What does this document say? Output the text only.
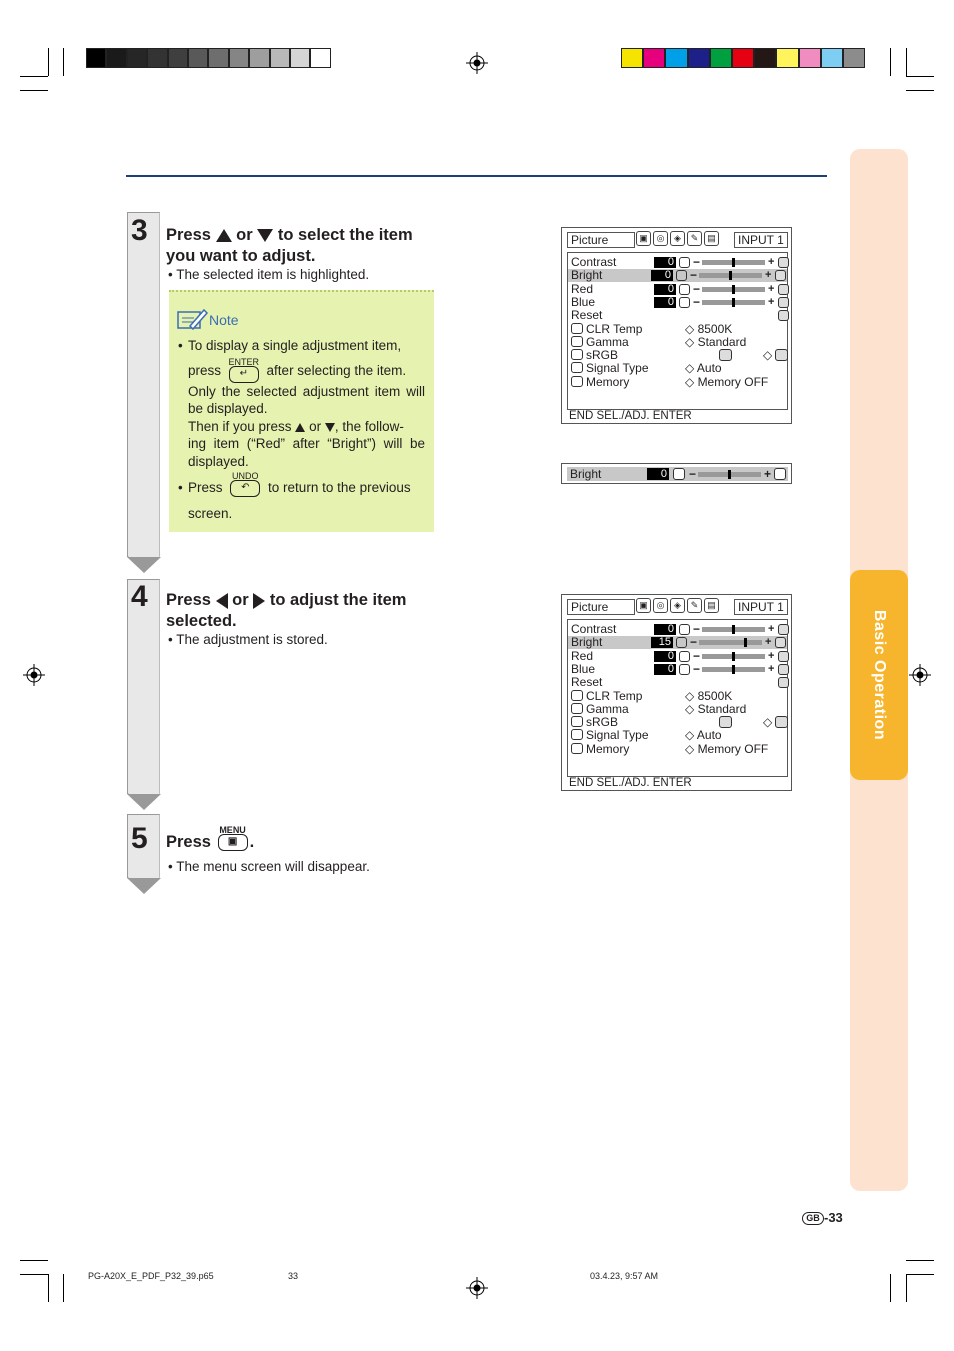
Basic Operation
3 Press or to select the item
you want to adjust.
• The selected item is highlighted.
Note
• To display a single adjustment item,
press
ENTER
↵ after selecting the item.
Only the selected adjustment item will be displayed.
Then if you press or , the follow-
ing item (“Red” after “Bright”) will be displayed.
• Press
UNDO
↶ to return to the previous
screen.
4 Press or to adjust the item
selected.
• The adjustment is stored.
5 Press
MENU
▣ .
• The menu screen will disappear.
Picture	▣ ◎	◈	✎ ▤	INPUT 1
Contrast	0 −	+
Bright	0 −	+
Red	0 −	+
Blue	0 −	+
Reset
CLR Temp	◇ 8500K
Gamma	◇ Standard
sRGB	◇
Signal Type	◇ Auto
Memory	◇ Memory OFF
END SEL./ADJ. ENTER
Picture	▣ ◎	◈	✎ ▤	INPUT 1
Contrast	0 −	+
Bright	15 −	+
Red	0 −	+
Blue	0 −	+
Reset
CLR Temp	◇ 8500K
Gamma	◇ Standard
sRGB	◇
Signal Type	◇ Auto
Memory	◇ Memory OFF
END SEL./ADJ. ENTER
Bright	0 −	+
GB -33
PG-A20X_E_PDF_P32_39.p65	33	03.4.23, 9:57 AM
